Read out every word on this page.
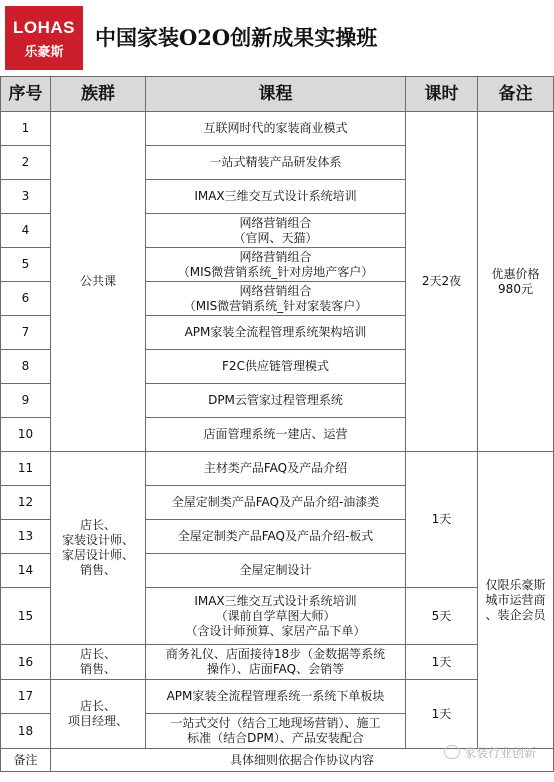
LOHAS
乐豪斯
中国家装O2O创新成果实操班
序号	族群	课程	课时	备注
1	公共课	互联网时代的家装商业模式	2天2夜	优惠价格
980元
2		一站式精装产品研发体系		
3		IMAX三维交互式设计系统培训		
4		网络营销组合
（官网、天猫）		
5		网络营销组合
（MIS微营销系统_针对房地产客户）		
6		网络营销组合
（MIS微营销系统_针对家装客户）		
7		APM家装全流程管理系统架构培训		
8		F2C供应链管理模式		
9		DPM云管家过程管理系统		
10		店面管理系统一建店、运营		
11	店长、
家装设计师、
家居设计师、
销售、	主材类产品FAQ及产品介绍	1天	仅限乐豪斯
城市运营商
、装企会员
12		全屋定制类产品FAQ及产品介绍-油漆类		
13		全屋定制类产品FAQ及产品介绍-板式		
14		全屋定制设计		
15		IMAX三维交互式设计系统培训
（课前自学草图大师）
（含设计师预算、家居产品下单）	5天	
16	店长、
销售、	商务礼仪、店面接待18步（金数据等系统
操作）、店面FAQ、会销等	1天	
17	店长、
项目经理、	APM家装全流程管理系统一系统下单板块	1天	
18		一站式交付（结合工地现场营销）、施工
标准（结合DPM）、产品安装配合		
备注	具体细则依据合作协议内容				家装行业创新
